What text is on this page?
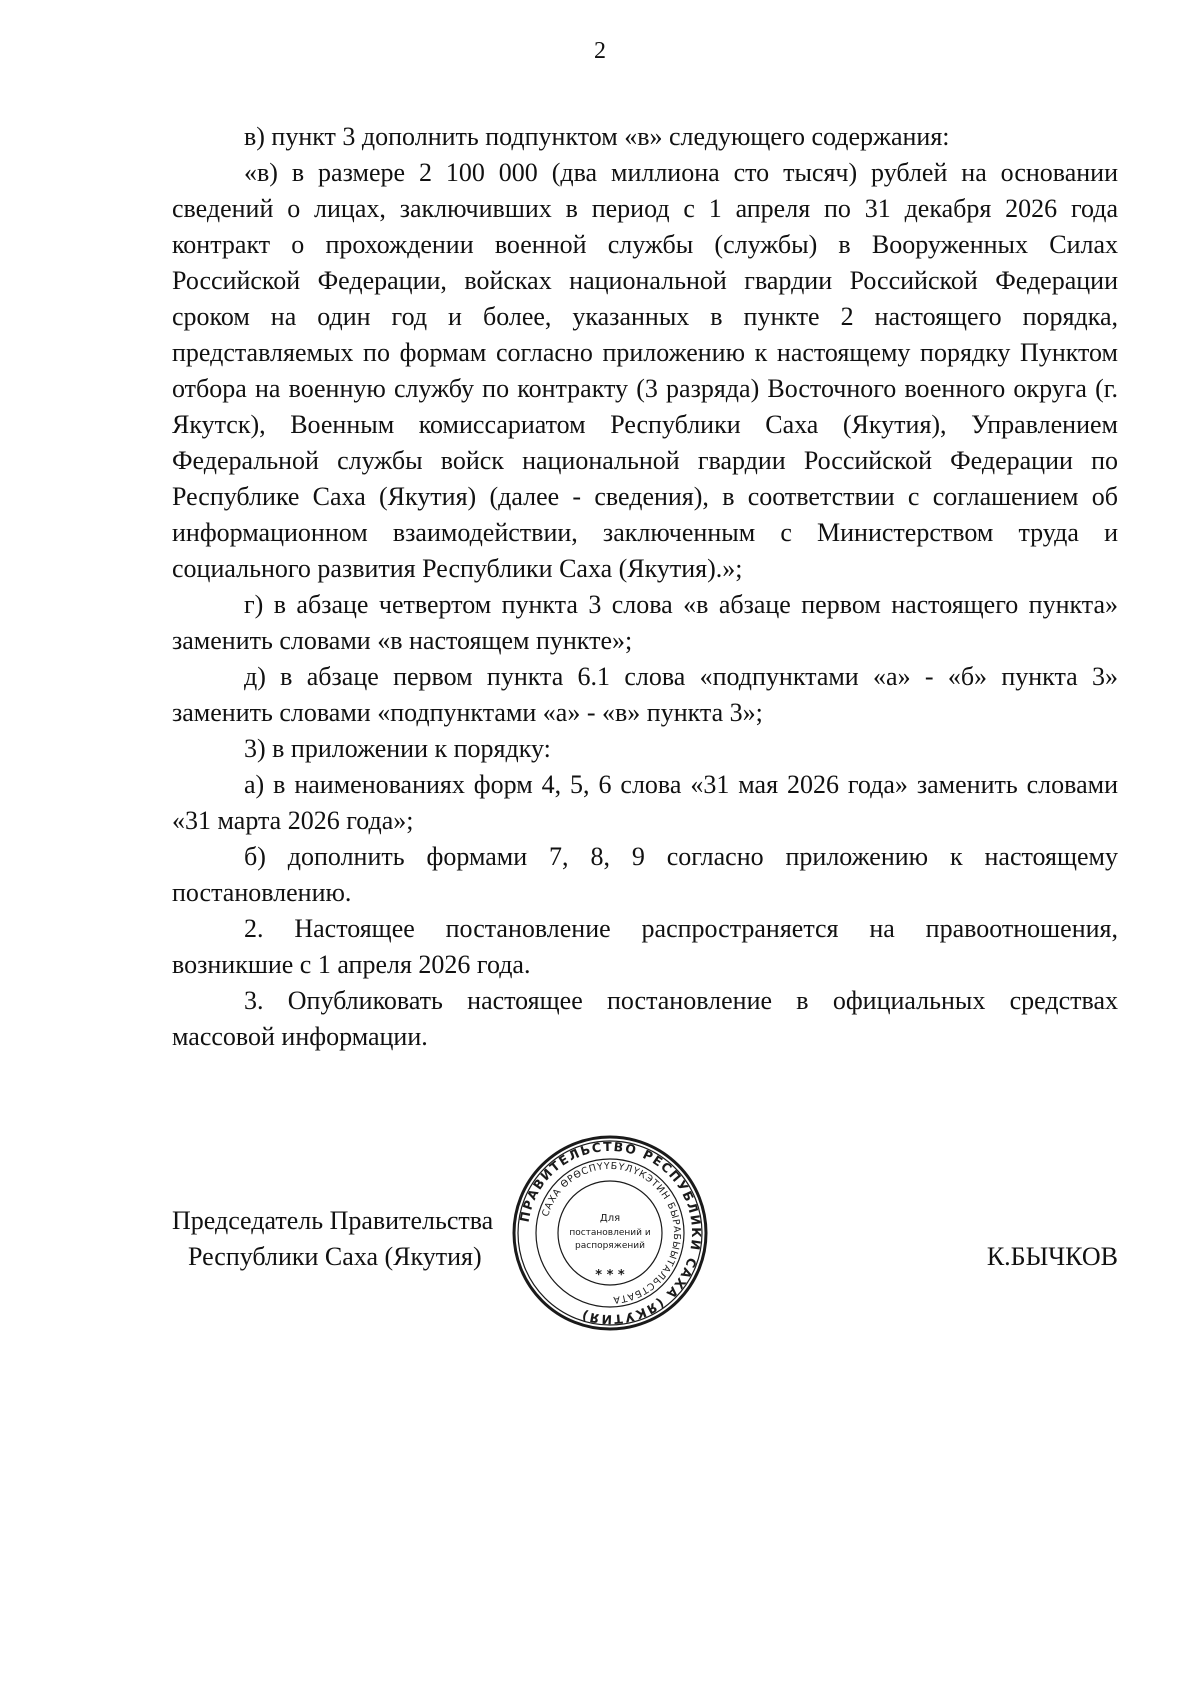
2

в) пункт 3 дополнить подпунктом «в» следующего содержания:

«в) в размере 2 100 000 (два миллиона сто тысяч) рублей на основании сведений о лицах, заключивших в период с 1 апреля по 31 декабря 2026 года контракт о прохождении военной службы (службы) в Вооруженных Силах Российской Федерации, войсках национальной гвардии Российской Федерации сроком на один год и более, указанных в пункте 2 настоящего порядка, представляемых по формам согласно приложению к настоящему порядку Пунктом отбора на военную службу по контракту (3 разряда) Восточного военного округа (г. Якутск), Военным комиссариатом Республики Саха (Якутия), Управлением Федеральной службы войск национальной гвардии Российской Федерации по Республике Саха (Якутия) (далее - сведения), в соответствии с соглашением об информационном взаимодействии, заключенным с Министерством труда и социального развития Республики Саха (Якутия).»;

г) в абзаце четвертом пункта 3 слова «в абзаце первом настоящего пункта» заменить словами «в настоящем пункте»;

д) в абзаце первом пункта 6.1 слова «подпунктами «а» - «б» пункта 3» заменить словами «подпунктами «а» - «в» пункта 3»;

3) в приложении к порядку:

а) в наименованиях форм 4, 5, 6 слова «31 мая 2026 года» заменить словами «31 марта 2026 года»;

б) дополнить формами 7, 8, 9 согласно приложению к настоящему постановлению.

2. Настоящее постановление распространяется на правоотношения, возникшие с 1 апреля 2026 года.

3. Опубликовать настоящее постановление в официальных средствах массовой информации.

Председатель Правительства
Республики Саха (Якутия)	К.БЫЧКОВ
ПРАВИТЕЛЬСТВО РЕСПУБЛИКИ САХА (ЯКУТИЯ)
САХА ӨРӨСПҮҮБҮЛҮКЭТИН БЫРАБЫЫТАЛЬСТБАТА
Для
постановлений и
распоряжений
* * *
